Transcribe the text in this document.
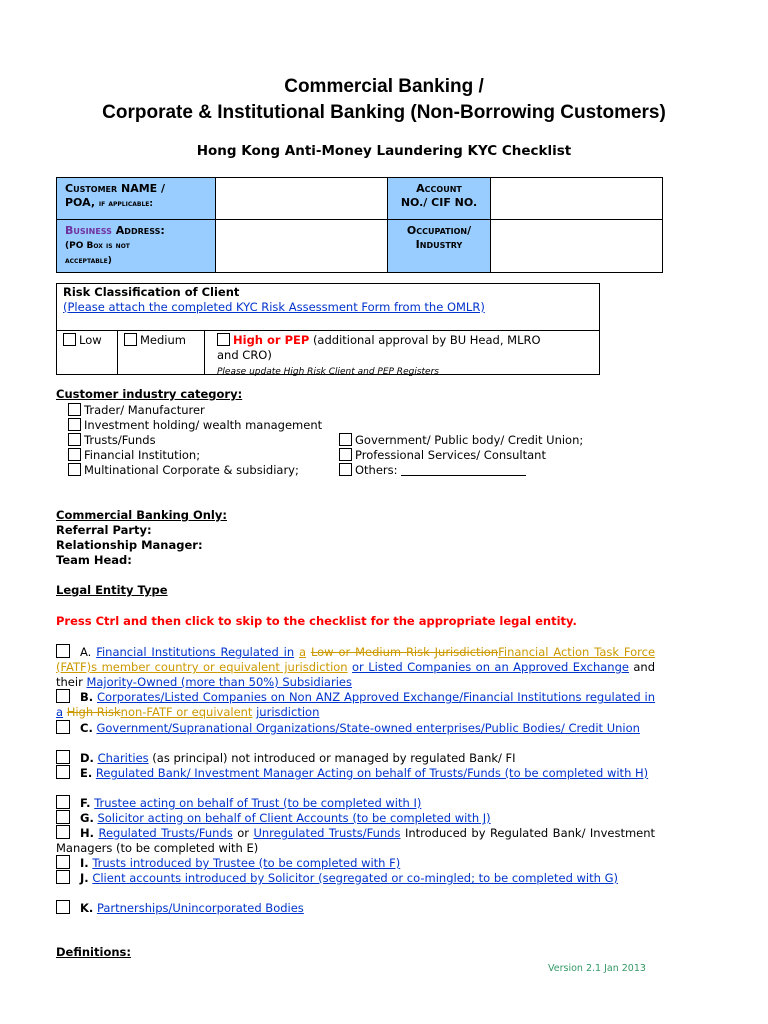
Commercial Banking /
Corporate & Institutional Banking (Non-Borrowing Customers)
Hong Kong Anti-Money Laundering KYC Checklist
Customer NAME /
POA, if applicable:		Account
NO./ CIF NO.	
Business Address:
(PO Box is not
acceptable)		Occupation/
Industry	
Risk Classification of Client
(Please attach the completed KYC Risk Assessment Form from the OMLR)
Low	Medium	High or PEP (additional approval by BU Head, MLRO
and CRO)
Please update High Risk Client and PEP Registers
Customer industry category:
Trader/ Manufacturer
Investment holding/ wealth management
Trusts/Funds
Financial Institution;
Multinational Corporate & subsidiary;
Government/ Public body/ Credit Union;
Professional Services/ Consultant
Others:
Commercial Banking Only:
Referral Party:
Relationship Manager:
Team Head:
Legal Entity Type
Press Ctrl and then click to skip to the checklist for the appropriate legal entity.
A. Financial Institutions Regulated in a Low or Medium Risk JurisdictionFinancial Action Task Force (FATF)s member country or equivalent jurisdiction or Listed Companies on an Approved Exchange and their Majority-Owned (more than 50%) Subsidiaries
B. Corporates/Listed Companies on Non ANZ Approved Exchange/Financial Institutions regulated in a High Risknon-FATF or equivalent jurisdiction
C. Government/Supranational Organizations/State-owned enterprises/Public Bodies/ Credit Union
D. Charities (as principal) not introduced or managed by regulated Bank/ FI
E. Regulated Bank/ Investment Manager Acting on behalf of Trusts/Funds (to be completed with H)
F. Trustee acting on behalf of Trust (to be completed with I)
G. Solicitor acting on behalf of Client Accounts (to be completed with J)
H. Regulated Trusts/Funds or Unregulated Trusts/Funds Introduced by Regulated Bank/ Investment Managers (to be completed with E)
I. Trusts introduced by Trustee (to be completed with F)
J. Client accounts introduced by Solicitor (segregated or co-mingled; to be completed with G)
K. Partnerships/Unincorporated Bodies
Definitions:
Version 2.1 Jan 2013
